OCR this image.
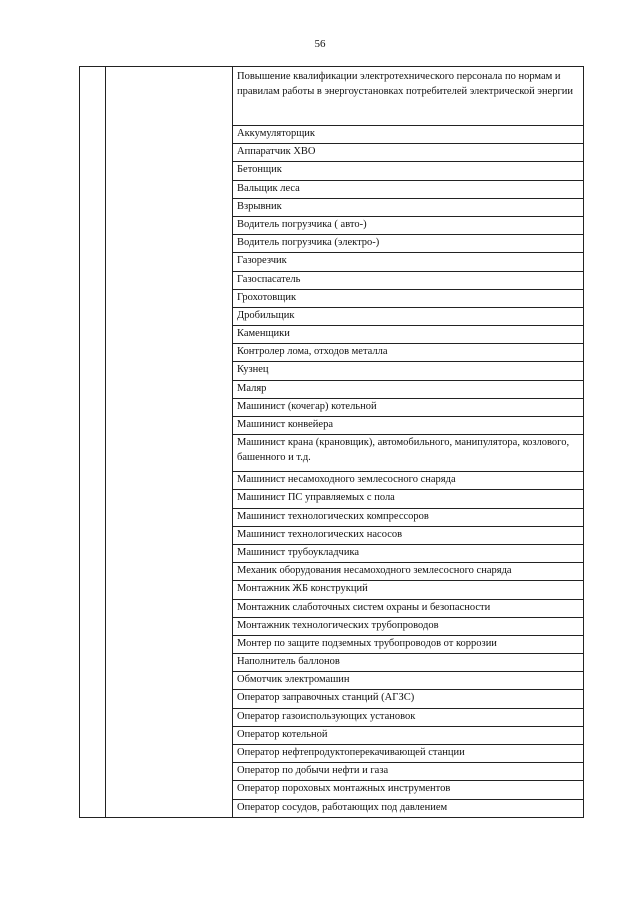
56
		Повышение квалификации электротехнического персонала по нормам и правилам работы в энергоустановках потребителей электрической энергии
Аккумуляторщик
Аппаратчик ХВО
Бетонщик
Вальщик леса
Взрывник
Водитель погрузчика ( авто-)
Водитель погрузчика (электро-)
Газорезчик
Газоспасатель
Грохотовщик
Дробильщик
Каменщики
Контролер лома, отходов металла
Кузнец
Маляр
Машинист (кочегар) котельной
Машинист конвейера
Машинист крана (крановщик), автомобильного, манипулятора, козлового, башенного и т.д.
Машинист несамоходного землесосного снаряда
Машинист ПС управляемых с пола
Машинист технологических компрессоров
Машинист технологических насосов
Машинист трубоукладчика
Механик оборудования несамоходного землесосного снаряда
Монтажник ЖБ конструкций
Монтажник слаботочных систем охраны и безопасности
Монтажник технологических трубопроводов
Монтер по защите подземных трубопроводов от коррозии
Наполнитель баллонов
Обмотчик электромашин
Оператор заправочных станций (АГЗС)
Оператор газоиспользующих установок
Оператор котельной
Оператор нефтепродуктоперекачивающей станции
Оператор по добычи нефти и газа
Оператор пороховых монтажных инструментов
Оператор сосудов, работающих под давлением
